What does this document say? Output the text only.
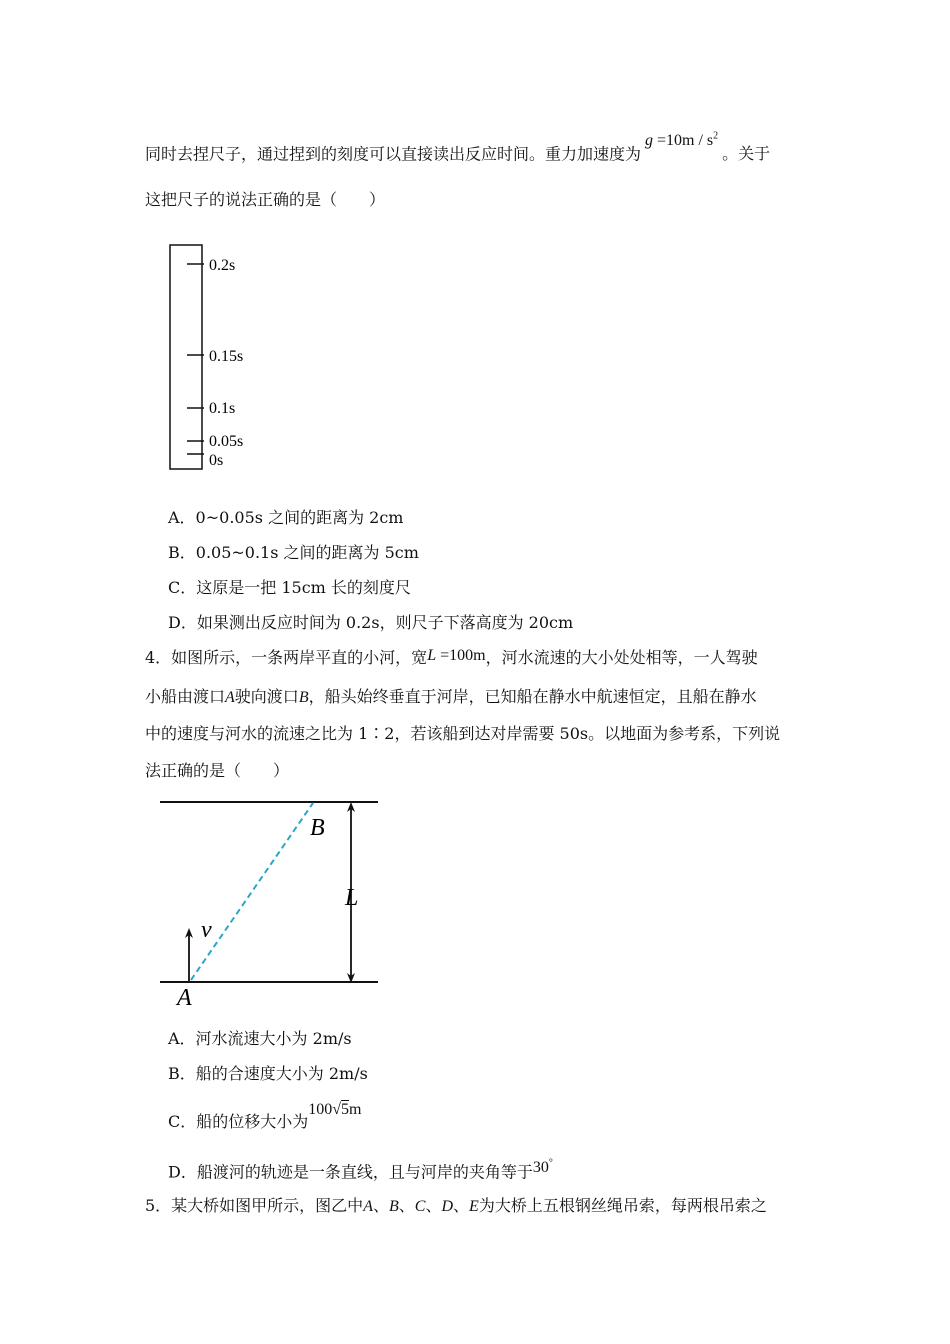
同时去捏尺子，通过捏到的刻度可以直接读出反应时间。重力加速度为$g =10m / s^2$。关于
这把尺子的说法正确的是（　　）
0.2s
0.15s
0.1s
0.05s
0s
A．0~0.05s 之间的距离为 2cm
B．0.05~0.1s 之间的距离为 5cm
C．这原是一把 15cm 长的刻度尺
D．如果测出反应时间为 0.2s，则尺子下落高度为 20cm
4．如图所示，一条两岸平直的小河，宽L =100m，河水流速的大小处处相等，一人驾驶
小船由渡口A驶向渡口B，船头始终垂直于河岸，已知船在静水中航速恒定，且船在静水
中的速度与河水的流速之比为 1∶2，若该船到达对岸需要 50s。以地面为参考系，下列说
法正确的是（　　）
B
L
v
A
A．河水流速大小为 2m/s
B．船的合速度大小为 2m/s
C．船的位移大小为100√5m
D．船渡河的轨迹是一条直线，且与河岸的夹角等于30°
5．某大桥如图甲所示，图乙中A、B、C、D、E为大桥上五根钢丝绳吊索，每两根吊索之
